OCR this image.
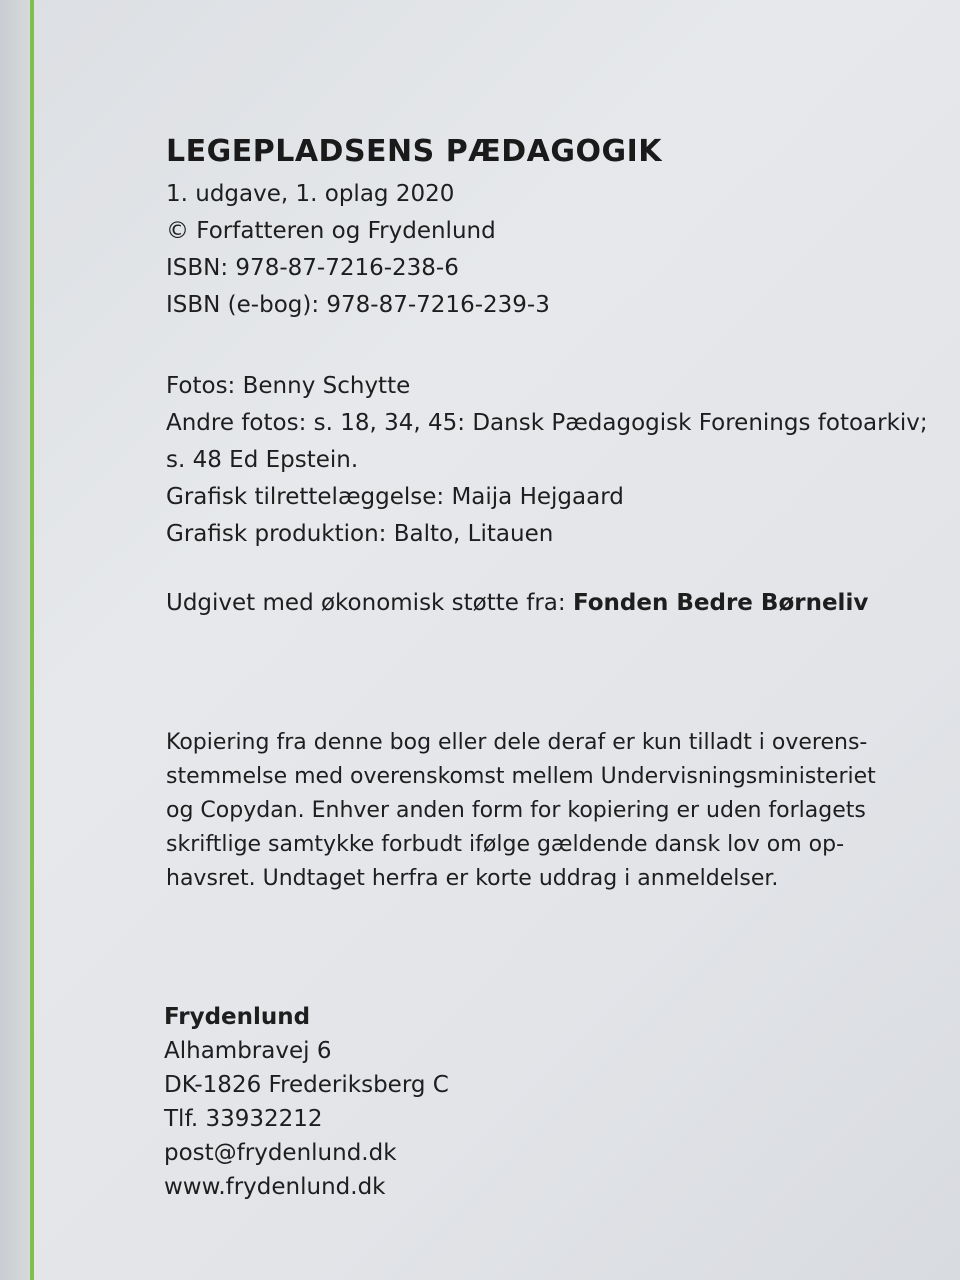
LEGEPLADSENS PÆDAGOGIK

1. udgave, 1. oplag 2020

© Forfatteren og Frydenlund

ISBN: 978-87-7216-238-6

ISBN (e-bog): 978-87-7216-239-3

Fotos: Benny Schytte

Andre fotos: s. 18, 34, 45: Dansk Pædagogisk Forenings fotoarkiv;

s. 48 Ed Epstein.

Grafisk tilrettelæggelse: Maija Hejgaard

Grafisk produktion: Balto, Litauen

Udgivet med økonomisk støtte fra: Fonden Bedre Børneliv

Kopiering fra denne bog eller dele deraf er kun tilladt i overens-

stemmelse med overenskomst mellem Undervisningsministeriet

og Copydan. Enhver anden form for kopiering er uden forlagets

skriftlige samtykke forbudt ifølge gældende dansk lov om op-

havsret. Undtaget herfra er korte uddrag i anmeldelser.

Frydenlund

Alhambravej 6

DK-1826 Frederiksberg C

Tlf. 33932212

post@frydenlund.dk

www.frydenlund.dk
